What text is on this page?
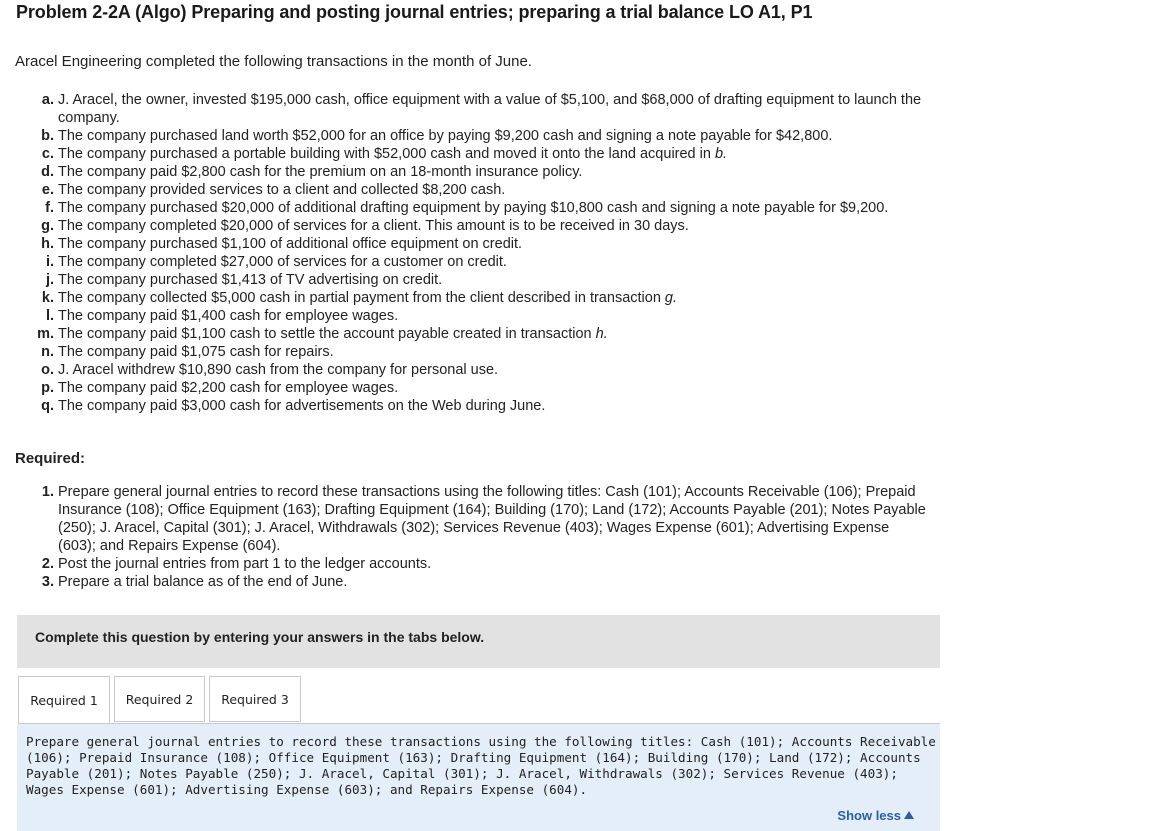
Problem 2-2A (Algo) Preparing and posting journal entries; preparing a trial balance LO A1, P1
Aracel Engineering completed the following transactions in the month of June.
a. J. Aracel, the owner, invested $195,000 cash, office equipment with a value of $5,100, and $68,000 of drafting equipment to launch the company.
b. The company purchased land worth $52,000 for an office by paying $9,200 cash and signing a note payable for $42,800.
c. The company purchased a portable building with $52,000 cash and moved it onto the land acquired in b.
d. The company paid $2,800 cash for the premium on an 18-month insurance policy.
e. The company provided services to a client and collected $8,200 cash.
f. The company purchased $20,000 of additional drafting equipment by paying $10,800 cash and signing a note payable for $9,200.
g. The company completed $20,000 of services for a client. This amount is to be received in 30 days.
h. The company purchased $1,100 of additional office equipment on credit.
i. The company completed $27,000 of services for a customer on credit.
j. The company purchased $1,413 of TV advertising on credit.
k. The company collected $5,000 cash in partial payment from the client described in transaction g.
l. The company paid $1,400 cash for employee wages.
m. The company paid $1,100 cash to settle the account payable created in transaction h.
n. The company paid $1,075 cash for repairs.
o. J. Aracel withdrew $10,890 cash from the company for personal use.
p. The company paid $2,200 cash for employee wages.
q. The company paid $3,000 cash for advertisements on the Web during June.
Required:
1. Prepare general journal entries to record these transactions using the following titles: Cash (101); Accounts Receivable (106); Prepaid Insurance (108); Office Equipment (163); Drafting Equipment (164); Building (170); Land (172); Accounts Payable (201); Notes Payable (250); J. Aracel, Capital (301); J. Aracel, Withdrawals (302); Services Revenue (403); Wages Expense (601); Advertising Expense (603); and Repairs Expense (604).
2. Post the journal entries from part 1 to the ledger accounts.
3. Prepare a trial balance as of the end of June.
Complete this question by entering your answers in the tabs below.
Required 1	Required 2	Required 3
Prepare general journal entries to record these transactions using the following titles: Cash (101); Accounts Receivable (106); Prepaid Insurance (108); Office Equipment (163); Drafting Equipment (164); Building (170); Land (172); Accounts Payable (201); Notes Payable (250); J. Aracel, Capital (301); J. Aracel, Withdrawals (302); Services Revenue (403); Wages Expense (601); Advertising Expense (603); and Repairs Expense (604).
Show less
